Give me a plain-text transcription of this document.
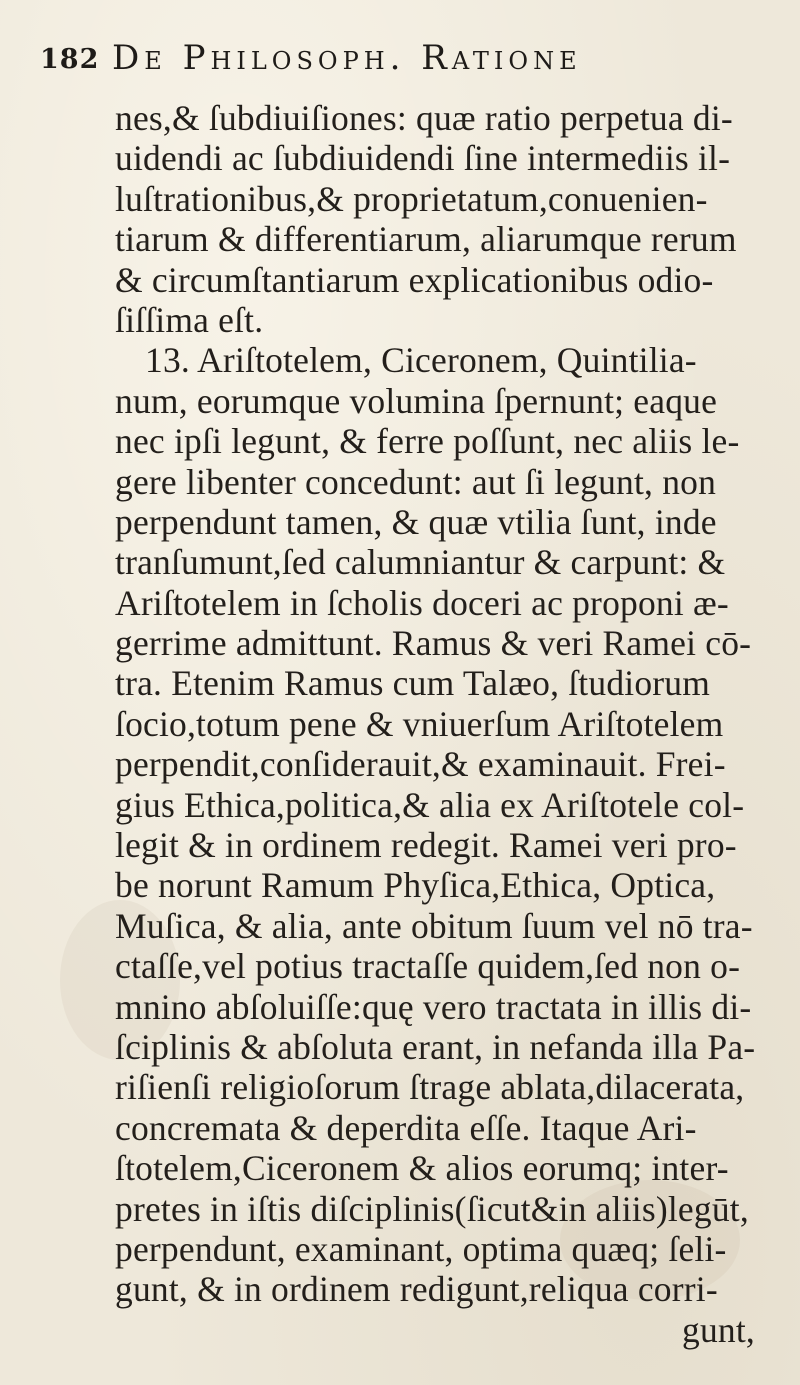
182 De Philosoph. Ratione
nes,& ſubdiuiſiones: quæ ratio perpetua di-
uidendi ac ſubdiuidendi ſine intermediis il-
luſtrationibus,& proprietatum,conuenien-
tiarum & differentiarum, aliarumque rerum
& circumſtantiarum explicationibus odio-
ſiſſima eſt.
13. Ariſtotelem, Ciceronem, Quintilia-
num, eorumque volumina ſpernunt; eaque
nec ipſi legunt, & ferre poſſunt, nec aliis le-
gere libenter concedunt: aut ſi legunt, non
perpendunt tamen, & quæ vtilia ſunt, inde
tranſumunt,ſed calumniantur & carpunt: &
Ariſtotelem in ſcholis doceri ac proponi æ-
gerrime admittunt. Ramus & veri Ramei cō-
tra. Etenim Ramus cum Talæo, ſtudiorum
ſocio,totum pene & vniuerſum Ariſtotelem
perpendit,conſiderauit,& examinauit. Frei-
gius Ethica,politica,& alia ex Ariſtotele col-
legit & in ordinem redegit. Ramei veri pro-
be norunt Ramum Phyſica,Ethica, Optica,
Muſica, & alia, ante obitum ſuum vel nō tra-
ctaſſe,vel potius tractaſſe quidem,ſed non o-
mnino abſoluiſſe:quę vero tractata in illis di-
ſciplinis & abſoluta erant, in nefanda illa Pa-
riſienſi religioſorum ſtrage ablata,dilacerata,
concremata & deperdita eſſe. Itaque Ari-
ſtotelem,Ciceronem & alios eorumq; inter-
pretes in iſtis diſciplinis(ſicut&in aliis)legūt,
perpendunt, examinant, optima quæq; ſeli-
gunt, & in ordinem redigunt,reliqua corri-
gunt,
